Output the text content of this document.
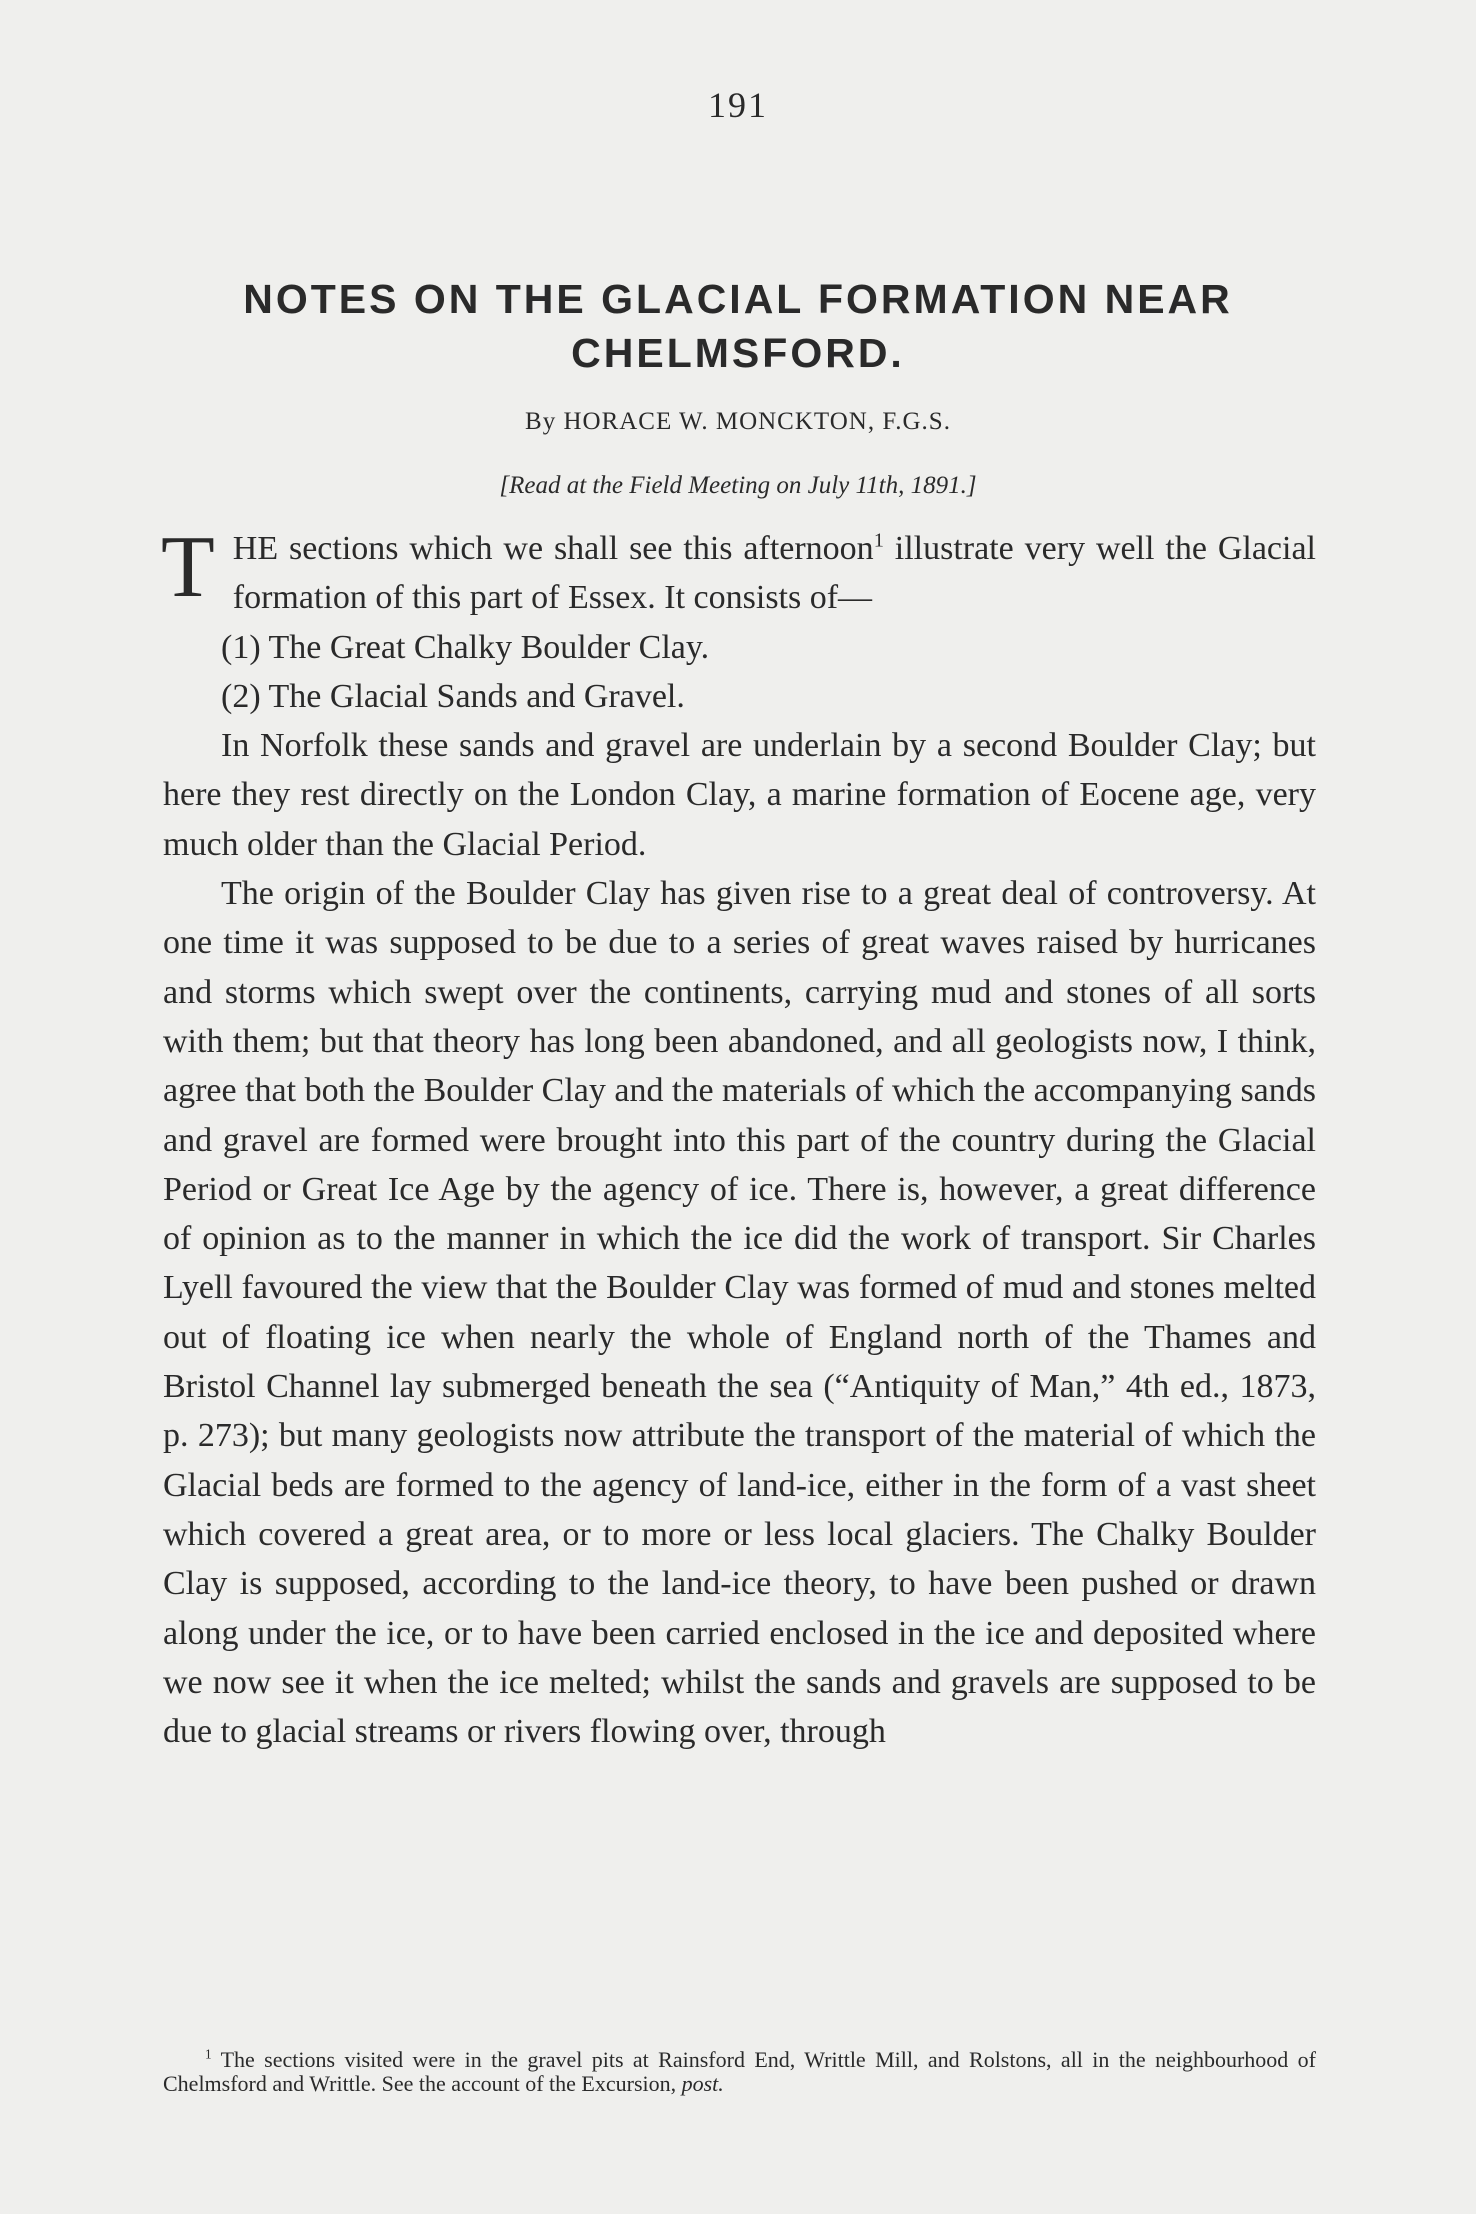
191
NOTES ON THE GLACIAL FORMATION NEAR CHELMSFORD.
By HORACE W. MONCKTON, F.G.S.
[Read at the Field Meeting on July 11th, 1891.]

THE sections which we shall see this afternoon$^1$ illustrate very well the Glacial formation of this part of Essex. It consists of—

(1) The Great Chalky Boulder Clay.

(2) The Glacial Sands and Gravel.

In Norfolk these sands and gravel are underlain by a second Boulder Clay; but here they rest directly on the London Clay, a marine formation of Eocene age, very much older than the Glacial Period.

The origin of the Boulder Clay has given rise to a great deal of controversy. At one time it was supposed to be due to a series of great waves raised by hurricanes and storms which swept over the continents, carrying mud and stones of all sorts with them; but that theory has long been abandoned, and all geologists now, I think, agree that both the Boulder Clay and the materials of which the accompanying sands and gravel are formed were brought into this part of the country during the Glacial Period or Great Ice Age by the agency of ice. There is, however, a great difference of opinion as to the manner in which the ice did the work of transport. Sir Charles Lyell favoured the view that the Boulder Clay was formed of mud and stones melted out of floating ice when nearly the whole of England north of the Thames and Bristol Channel lay submerged beneath the sea (“Antiquity of Man,” 4th ed., 1873, p. 273); but many geologists now attribute the transport of the material of which the Glacial beds are formed to the agency of land-ice, either in the form of a vast sheet which covered a great area, or to more or less local glaciers. The Chalky Boulder Clay is supposed, according to the land-ice theory, to have been pushed or drawn along under the ice, or to have been carried enclosed in the ice and deposited where we now see it when the ice melted; whilst the sands and gravels are supposed to be due to glacial streams or rivers flowing over, through

$^1$ The sections visited were in the gravel pits at Rainsford End, Writtle Mill, and Rolstons, all in the neighbourhood of Chelmsford and Writtle. See the account of the Excursion, post.
